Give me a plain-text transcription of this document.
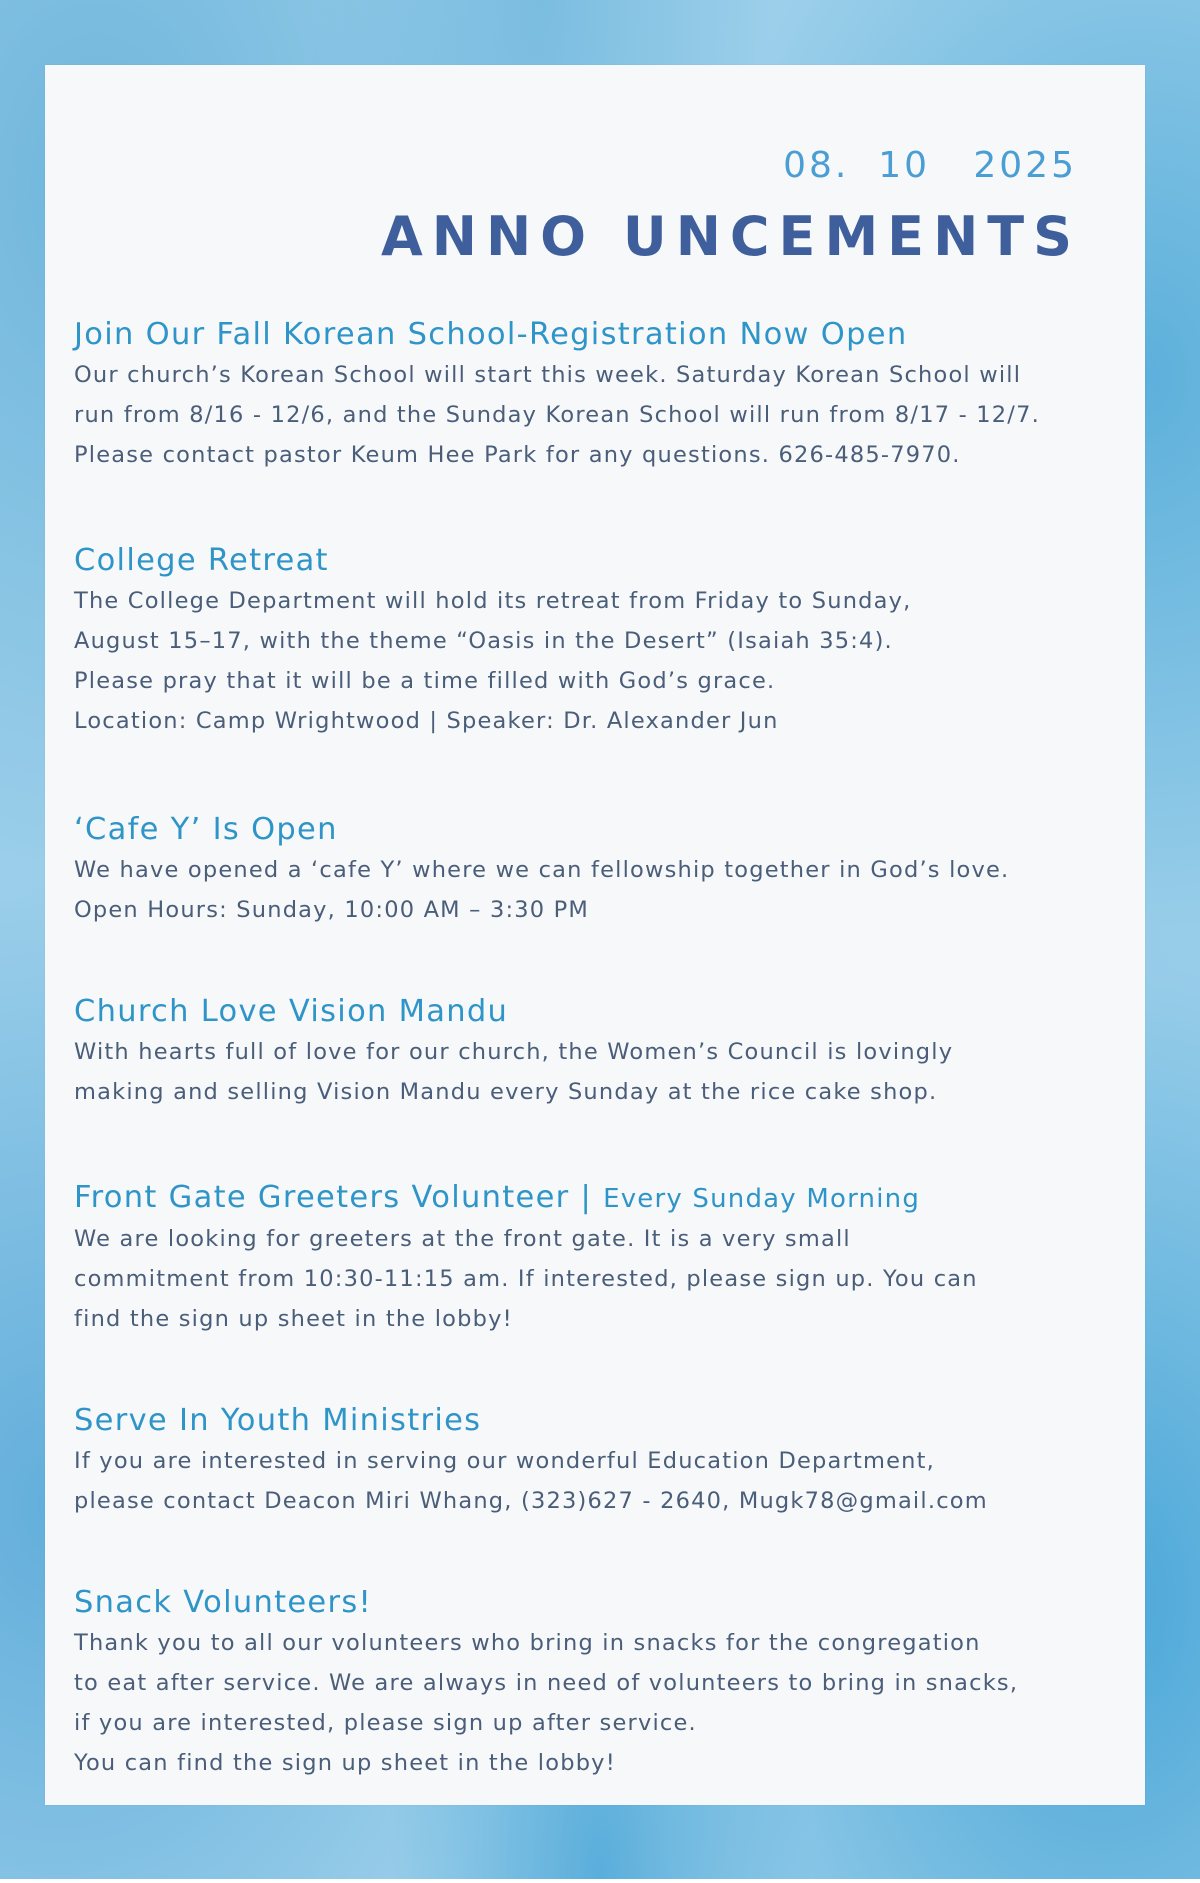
08.  10   2025
ANNO UNCEMENTS
Join Our Fall Korean School-Registration Now Open
Our church’s Korean School will start this week. Saturday Korean School will
run from 8/16 - 12/6, and the Sunday Korean School will run from 8/17 - 12/7.
Please contact pastor Keum Hee Park for any questions. 626-485-7970.
College Retreat
The College Department will hold its retreat from Friday to Sunday,
August 15–17, with the theme “Oasis in the Desert” (Isaiah 35:4).
Please pray that it will be a time filled with God’s grace.
Location: Camp Wrightwood | Speaker: Dr. Alexander Jun
‘Cafe Y’ Is Open
We have opened a ‘cafe Y’ where we can fellowship together in God’s love.
Open Hours: Sunday, 10:00 AM – 3:30 PM
Church Love Vision Mandu
With hearts full of love for our church, the Women’s Council is lovingly
making and selling Vision Mandu every Sunday at the rice cake shop.
Front Gate Greeters Volunteer | Every Sunday Morning
We are looking for greeters at the front gate. It is a very small
commitment from 10:30-11:15 am. If interested, please sign up. You can
find the sign up sheet in the lobby!
Serve In Youth Ministries
If you are interested in serving our wonderful Education Department,
please contact Deacon Miri Whang, (323)627 - 2640, Mugk78@gmail.com
Snack Volunteers!
Thank you to all our volunteers who bring in snacks for the congregation
to eat after service. We are always in need of volunteers to bring in snacks,
if you are interested, please sign up after service.
You can find the sign up sheet in the lobby!
